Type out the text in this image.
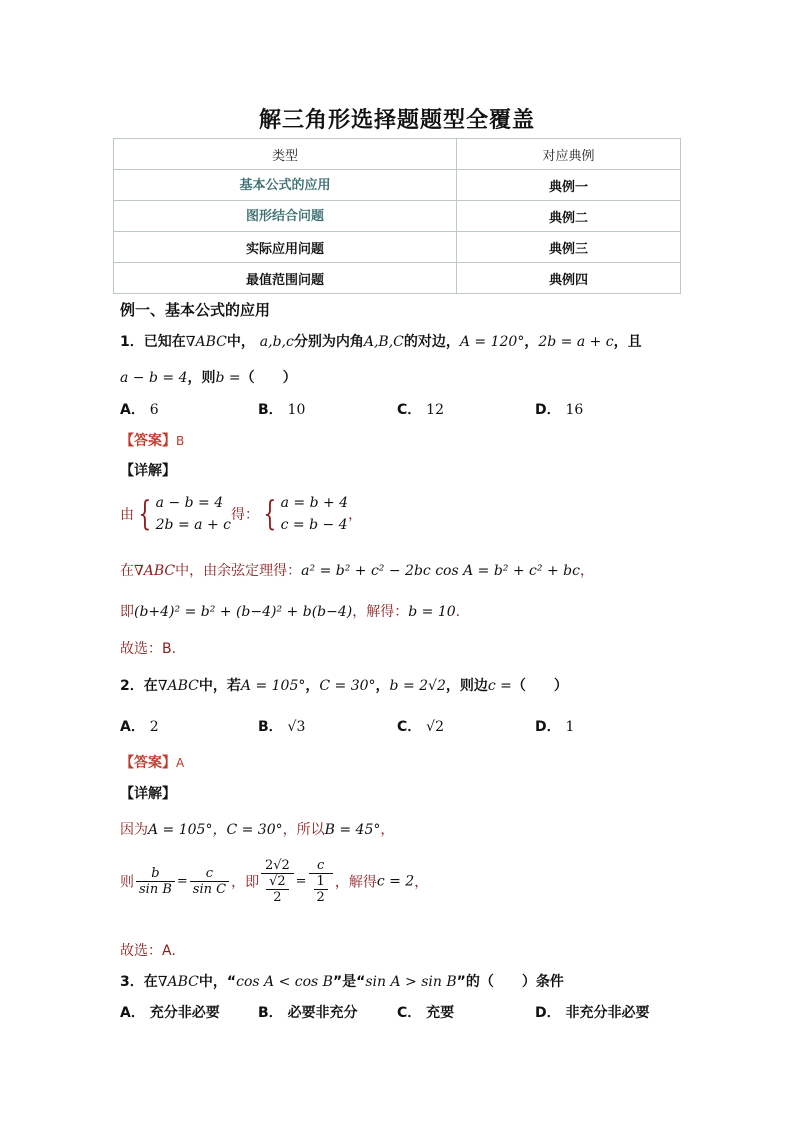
解三角形选择题题型全覆盖
类型	对应典例
基本公式的应用	典例一
图形结合问题	典例二
实际应用问题	典例三
最值范围问题	典例四
例一、基本公式的应用
1．已知在∇ABC中， a,b,c分别为内角A,B,C的对边，A = 120°，2b = a + c，且
a − b = 4，则b =（　　）
A． 6	B． 10	C． 12	D． 16
【答案】B
【详解】
由 { a − b = 4
2b = a + c
得： { a = b + 4
c = b − 4
，
在∇ABC中，由余弦定理得：a² = b² + c² − 2bc cos A = b² + c² + bc，
即(b+4)² = b² + (b−4)² + b(b−4)，解得：b = 10.
故选：B.
2．在∇ABC中，若A = 105°，C = 30°，b = 2√2，则边c =（　　）
A． 2	B． √3	C． √2	D． 1
【答案】A
【详解】
因为A = 105°，C = 30°，所以B = 45°，
则 $\frac{b}{\text{sin B}} = \frac{c}{\text{sin C}}$ ，即 $\frac{2√2}{\frac{√2}{2}} = \frac{c}{\frac{1}{2}}$ ，解得c = 2，
故选：A.
3．在∇ABC中，“cos A < cos B”是“sin A > sin B”的（　　）条件
A． 充分非必要	B． 必要非充分	C． 充要	D． 非充分非必要
